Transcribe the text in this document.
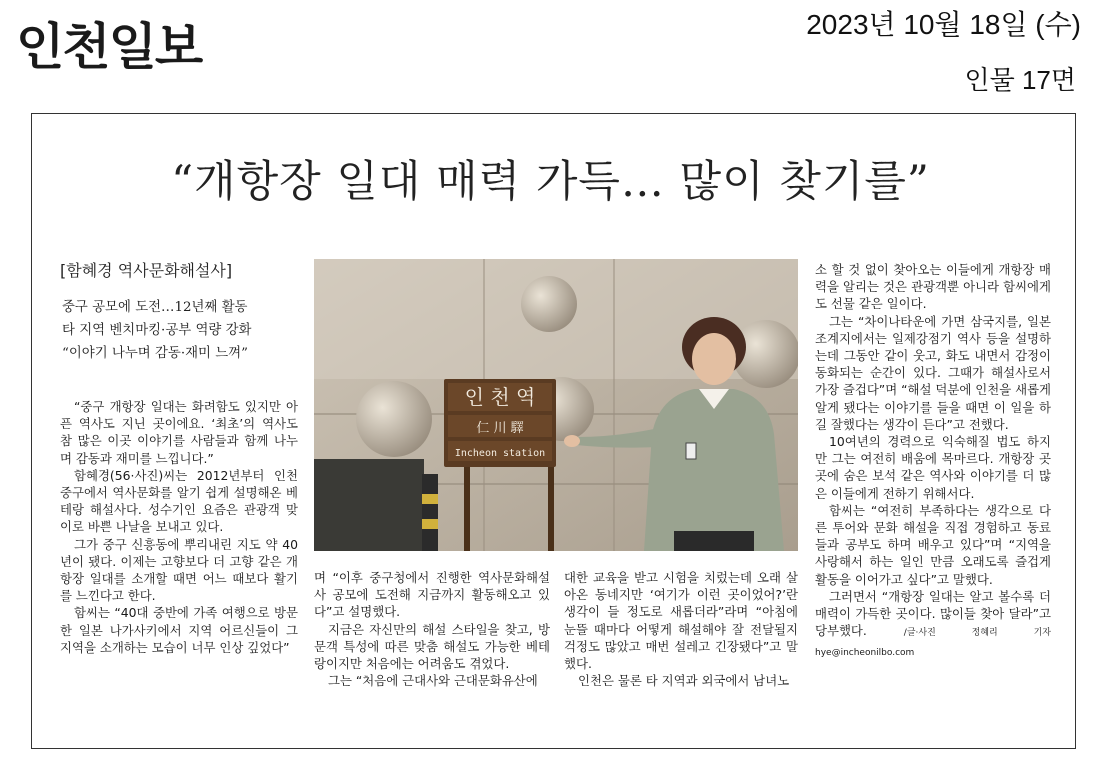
인천일보	2023년 10월 18일 (수)
인물 17면
“개항장 일대 매력 가득… 많이 찾기를”
[함혜경 역사문화해설사]
중구 공모에 도전…12년째 활동
타 지역 벤치마킹·공부 역량 강화
“이야기 나누며 감동·재미 느껴”

“중구 개항장 일대는 화려함도 있지만 아픈 역사도 지닌 곳이에요. ‘최초’의 역사도 참 많은 이곳 이야기를 사람들과 함께 나누며 감동과 재미를 느낍니다.”

함혜경(56·사진)씨는 2012년부터 인천 중구에서 역사문화를 알기 쉽게 설명해온 베테랑 해설사다. 성수기인 요즘은 관광객 맞이로 바쁜 나날을 보내고 있다.

그가 중구 신흥동에 뿌리내린 지도 약 40년이 됐다. 이제는 고향보다 더 고향 같은 개항장 일대를 소개할 때면 어느 때보다 활기를 느낀다고 한다.

함씨는 “40대 중반에 가족 여행으로 방문한 일본 나가사키에서 지역 어르신들이 그 지역을 소개하는 모습이 너무 인상 깊었다”

인 천 역
仁 川 驛
Incheon station

며 “이후 중구청에서 진행한 역사문화해설사 공모에 도전해 지금까지 활동해오고 있다”고 설명했다.

지금은 자신만의 해설 스타일을 찾고, 방문객 특성에 따른 맞춤 해설도 가능한 베테랑이지만 처음에는 어려움도 겪었다.

그는 “처음에 근대사와 근대문화유산에

대한 교육을 받고 시험을 치렀는데 오래 살아온 동네지만 ‘여기가 이런 곳이었어?’란 생각이 들 정도로 새롭더라”라며 “아침에 눈뜰 때마다 어떻게 해설해야 잘 전달될지 걱정도 많았고 매번 설레고 긴장됐다”고 말했다.

인천은 물론 타 지역과 외국에서 남녀노

소 할 것 없이 찾아오는 이들에게 개항장 매력을 알리는 것은 관광객뿐 아니라 함씨에게도 선물 같은 일이다.

그는 “차이나타운에 가면 삼국지를, 일본 조계지에서는 일제강점기 역사 등을 설명하는데 그동안 같이 웃고, 화도 내면서 감정이 동화되는 순간이 있다. 그때가 해설사로서 가장 즐겁다”며 “해설 덕분에 인천을 새롭게 알게 됐다는 이야기를 들을 때면 이 일을 하길 잘했다는 생각이 든다”고 전했다.

10여년의 경력으로 익숙해질 법도 하지만 그는 여전히 배움에 목마르다. 개항장 곳곳에 숨은 보석 같은 역사와 이야기를 더 많은 이들에게 전하기 위해서다.

함씨는 “여전히 부족하다는 생각으로 다른 투어와 문화 해설을 직접 경험하고 동료들과 공부도 하며 배우고 있다”며 “지역을 사랑해서 하는 일인 만큼 오래도록 즐겁게 활동을 이어가고 싶다”고 말했다.

그러면서 “개항장 일대는 알고 볼수록 더 매력이 가득한 곳이다. 많이들 찾아 달라”고 당부했다.	/글·사진 정혜리 기자 hye@incheonilbo.com
